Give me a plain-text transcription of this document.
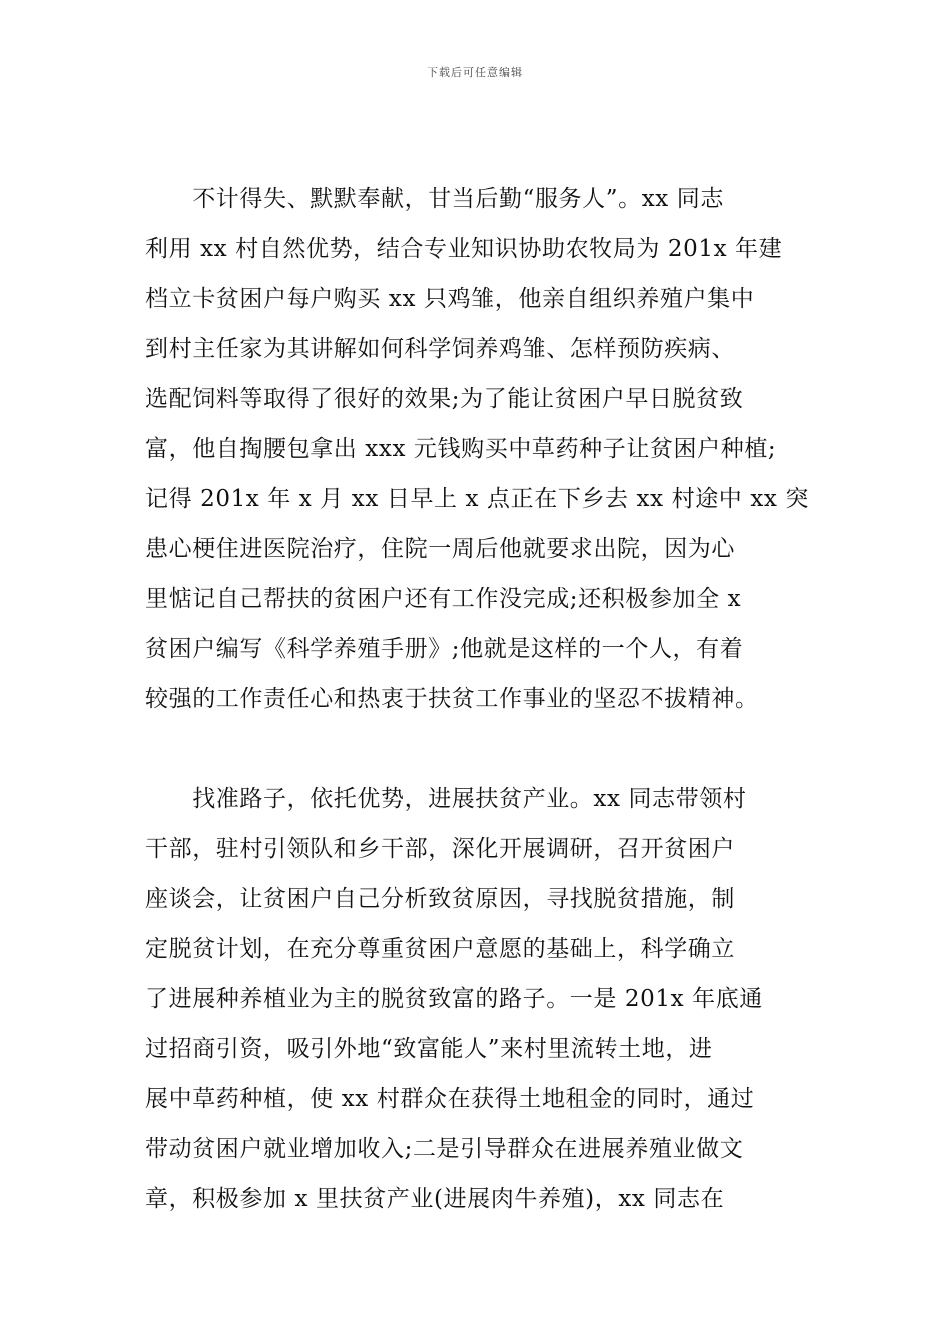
下载后可任意编辑
　　不计得失、默默奉献，甘当后勤“服务人”。xx 同志
利用 xx 村自然优势，结合专业知识协助农牧局为 201x 年建
档立卡贫困户每户购买 xx 只鸡雏，他亲自组织养殖户集中
到村主任家为其讲解如何科学饲养鸡雏、怎样预防疾病、
选配饲料等取得了很好的效果;为了能让贫困户早日脱贫致
富，他自掏腰包拿出 xxx 元钱购买中草药种子让贫困户种植;
记得 201x 年 x 月 xx 日早上 x 点正在下乡去 xx 村途中 xx 突
患心梗住进医院治疗，住院一周后他就要求出院，因为心
里惦记自己帮扶的贫困户还有工作没完成;还积极参加全 x
贫困户编写《科学养殖手册》;他就是这样的一个人，有着
较强的工作责任心和热衷于扶贫工作事业的坚忍不拔精神。
　　找准路子，依托优势，进展扶贫产业。xx 同志带领村
干部，驻村引领队和乡干部，深化开展调研，召开贫困户
座谈会，让贫困户自己分析致贫原因，寻找脱贫措施，制
定脱贫计划，在充分尊重贫困户意愿的基础上，科学确立
了进展种养植业为主的脱贫致富的路子。一是 201x 年底通
过招商引资，吸引外地“致富能人”来村里流转土地，进
展中草药种植，使 xx 村群众在获得土地租金的同时，通过
带动贫困户就业增加收入;二是引导群众在进展养殖业做文
章，积极参加 x 里扶贫产业(进展肉牛养殖)，xx 同志在
